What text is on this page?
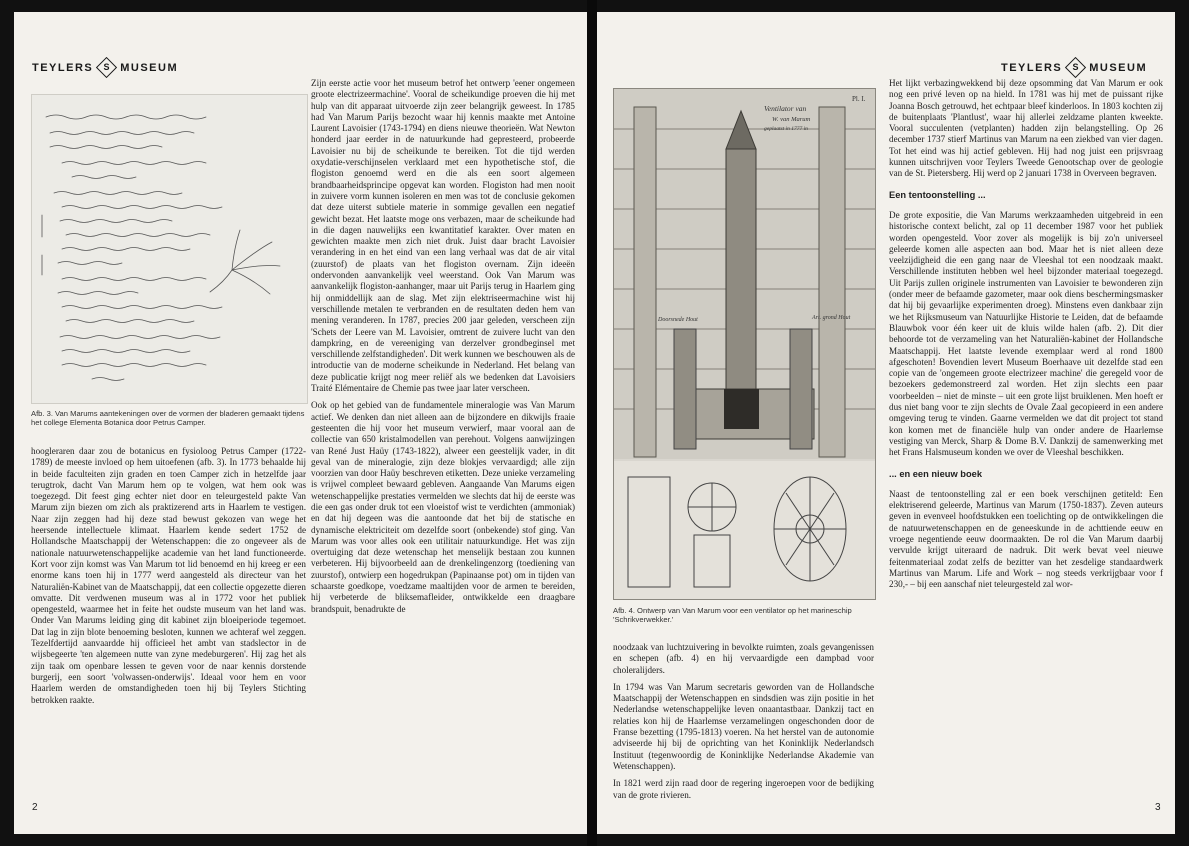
TEYLERS	S MUSEUM
Afb. 3. Van Marums aantekeningen over de vormen der bladeren gemaakt tijdens het college Elementa Botanica door Petrus Camper.

hoogleraren daar zou de botanicus en fysioloog Petrus Camper (1722-1789) de meeste invloed op hem uitoefenen (afb. 3). In 1773 behaalde hij in beide faculteiten zijn graden en toen Camper zich in hetzelfde jaar terugtrok, dacht Van Marum hem op te volgen, wat hem ook was toegezegd. Dit feest ging echter niet door en teleurgesteld pakte Van Marum zijn biezen om zich als praktizerend arts in Haarlem te vestigen. Naar zijn zeggen had hij deze stad bewust gekozen van wege het heersende intellectuele klimaat. Haarlem kende sedert 1752 de Hollandsche Maatschappij der Wetenschappen: die zo ongeveer als de nationale natuurwetenschappelijke academie van het land functioneerde. Kort voor zijn komst was Van Marum tot lid benoemd en hij kreeg er een enorme kans toen hij in 1777 werd aangesteld als directeur van het Naturaliën-Kabinet van de Maatschappij, dat een collectie opgezette dieren omvatte. Dit verdwenen museum was al in 1772 voor het publiek opengesteld, waarmee het in feite het oudste museum van het land was. Onder Van Marums leiding ging dit kabinet zijn bloeiperiode tegemoet. Dat lag in zijn blote benoeming besloten, kunnen we achteraf wel zeggen. Tezelfdertijd aanvaardde hij officieel het ambt van stadslector in de wijsbegeerte 'ten algemeen nutte van zyne medeburgeren'. Hij zag het als zijn taak om openbare lessen te geven voor de naar kennis dorstende burgerij, een soort 'volwassen-onderwijs'. Ideaal voor hem en voor Haarlem werden de omstandigheden toen hij bij Teylers Stichting betrokken raakte.

Zijn eerste actie voor het museum betrof het ontwerp 'eener ongemeen groote electrizeermachine'. Vooral de scheikundige proeven die hij met hulp van dit apparaat uitvoerde zijn zeer belangrijk geweest. In 1785 had Van Marum Parijs bezocht waar hij kennis maakte met Antoine Laurent Lavoisier (1743-1794) en diens nieuwe theorieën. Wat Newton honderd jaar eerder in de natuurkunde had gepresteerd, probeerde Lavoisier nu bij de scheikunde te bereiken. Tot die tijd werden oxydatie-verschijnselen verklaard met een hypothetische stof, die flogiston genoemd werd en die als een soort algemeen brandbaarheidsprincipe opgevat kan worden. Flogiston had men nooit in zuivere vorm kunnen isoleren en men was tot de conclusie gekomen dat deze uiterst subtiele materie in sommige gevallen een negatief gewicht bezat. Het laatste moge ons verbazen, maar de scheikunde had in die dagen nauwelijks een kwantitatief karakter. Over maten en gewichten maakte men zich niet druk. Juist daar bracht Lavoisier verandering in en het eind van een lang verhaal was dat de air vital (zuurstof) de plaats van het flogiston overnam. Zijn ideeën ondervonden aanvankelijk veel weerstand. Ook Van Marum was aanvankelijk flogiston-aanhanger, maar uit Parijs terug in Haarlem ging hij onmiddellijk aan de slag. Met zijn elektriseermachine wist hij verschillende metalen te verbranden en de resultaten deden hem van mening veranderen. In 1787, precies 200 jaar geleden, verscheen zijn 'Schets der Leere van M. Lavoisier, omtrent de zuivere lucht van den dampkring, en de vereeniging van derzelver grondbeginsel met verschillende zelfstandigheden'. Dit werk kunnen we beschouwen als de introductie van de moderne scheikunde in Nederland. Het belang van deze publicatie krijgt nog meer reliëf als we bedenken dat Lavoisiers Traité Elémentaire de Chemie pas twee jaar later verscheen.

Ook op het gebied van de fundamentele mineralogie was Van Marum actief. We denken dan niet alleen aan de bijzondere en dikwijls fraaie gesteenten die hij voor het museum verwierf, maar vooral aan de collectie van 650 kristalmodellen van perehout. Volgens aanwijzingen van René Just Haüy (1743-1822), alweer een geestelijk vader, in dit geval van de mineralogie, zijn deze blokjes vervaardigd; alle zijn voorzien van door Haüy beschreven etiketten. Deze unieke verzameling is vrijwel compleet bewaard gebleven. Aangaande Van Marums eigen wetenschappelijke prestaties vermelden we slechts dat hij de eerste was die een gas onder druk tot een vloeistof wist te verdichten (ammoniak) en dat hij degeen was die aantoonde dat het bij de statische en dynamische elektriciteit om dezelfde soort (onbekende) stof ging. Van Marum was voor alles ook een utilitair natuurkundige. Het was zijn overtuiging dat deze wetenschap het menselijk bestaan zou kunnen verbeteren. Hij bijvoorbeeld aan de drenkelingenzorg (toediening van zuurstof), ontwierp een hogedrukpan (Papinaanse pot) om in tijden van schaarste goedkope, voedzame maaltijden voor de armen te bereiden, hij verbeterde de bliksemafleider, ontwikkelde een draagbare brandspuit, benadrukte de

2
TEYLERS	S MUSEUM
Pl. I.
Ventilator van
W. van Marum
geplaatst in 1777 in
Doorsnede Hout	Art. grond Hout
Afb. 4. Ontwerp van Van Marum voor een ventilator op het marineschip 'Schrikverwekker.'

noodzaak van luchtzuivering in bevolkte ruimten, zoals gevangenissen en schepen (afb. 4) en hij vervaardigde een dampbad voor choleralijders.

In 1794 was Van Marum secretaris geworden van de Hollandsche Maatschappij der Wetenschappen en sindsdien was zijn positie in het Nederlandse wetenschappelijke leven onaantastbaar. Dankzij tact en relaties kon hij de Haarlemse verzamelingen ongeschonden door de Franse bezetting (1795-1813) voeren. Na het herstel van de autonomie adviseerde hij bij de oprichting van het Koninklijk Nederlandsch Instituut (tegenwoordig de Koninklijke Nederlandse Akademie van Wetenschappen).

In 1821 werd zijn raad door de regering ingeroepen voor de bedijking van de grote rivieren.

Het lijkt verbazingwekkend bij deze opsomming dat Van Marum er ook nog een privé leven op na hield. In 1781 was hij met de puissant rijke Joanna Bosch getrouwd, het echtpaar bleef kinderloos. In 1803 kochten zij de buitenplaats 'Plantlust', waar hij allerlei zeldzame planten kweekte. Vooral succulenten (vetplanten) hadden zijn belangstelling. Op 26 december 1737 stierf Martinus van Marum na een ziekbed van vier dagen. Tot het eind was hij actief gebleven. Hij had nog juist een prijsvraag kunnen uitschrijven voor Teylers Tweede Genootschap over de geologie van de St. Pietersberg. Hij werd op 2 januari 1738 in Overveen begraven.

Een tentoonstelling ...

De grote expositie, die Van Marums werkzaamheden uitgebreid in een historische context belicht, zal op 11 december 1987 voor het publiek worden opengesteld. Voor zover als mogelijk is bij zo'n universeel geleerde komen alle aspecten aan bod. Maar het is niet alleen deze veelzijdigheid die een gang naar de Vleeshal tot een noodzaak maakt. Verschillende instituten hebben wel heel bijzonder materiaal toegezegd. Uit Parijs zullen originele instrumenten van Lavoisier te bewonderen zijn (onder meer de befaamde gazometer, maar ook diens beschermingsmasker dat hij bij gevaarlijke experimenten droeg). Minstens even dankbaar zijn we het Rijksmuseum van Natuurlijke Historie te Leiden, dat de befaamde Blauwbok voor één keer uit de kluis wilde halen (afb. 2). Dit dier behoorde tot de verzameling van het Naturaliën-kabinet der Hollandsche Maatschappij. Het laatste levende exemplaar werd al rond 1800 afgeschoten! Bovendien levert Museum Boerhaave uit dezelfde stad een copie van de 'ongemeen groote electrizeer machine' die geregeld voor de bezoekers gedemonstreerd zal worden. Het zijn slechts een paar voorbeelden – niet de minste – uit een grote lijst bruiklenen. Men hoeft er dus niet bang voor te zijn slechts de Ovale Zaal gecopieerd in een andere omgeving terug te vinden. Gaarne vermelden we dat dit project tot stand kon komen met de financiële hulp van onder andere de Haarlemse vestiging van Merck, Sharp & Dome B.V. Dankzij de samenwerking met het Frans Halsmuseum konden we over de Vleeshal beschikken.

... en een nieuw boek

Naast de tentoonstelling zal er een boek verschijnen getiteld: Een elektriserend geleerde, Martinus van Marum (1750-1837). Zeven auteurs geven in evenveel hoofdstukken een toelichting op de ontwikkelingen die de natuurwetenschappen en de geneeskunde in de achttiende eeuw en vroege negentiende eeuw doormaakten. De rol die Van Marum daarbij vervulde krijgt uiteraard de nadruk. Dit werk bevat veel nieuwe feitenmateriaal zodat zelfs de bezitter van het zesdelige standaardwerk Martinus van Marum. Life and Work – nog steeds verkrijgbaar voor f 230,- – bij een aanschaf niet teleurgesteld zal wor-

3
